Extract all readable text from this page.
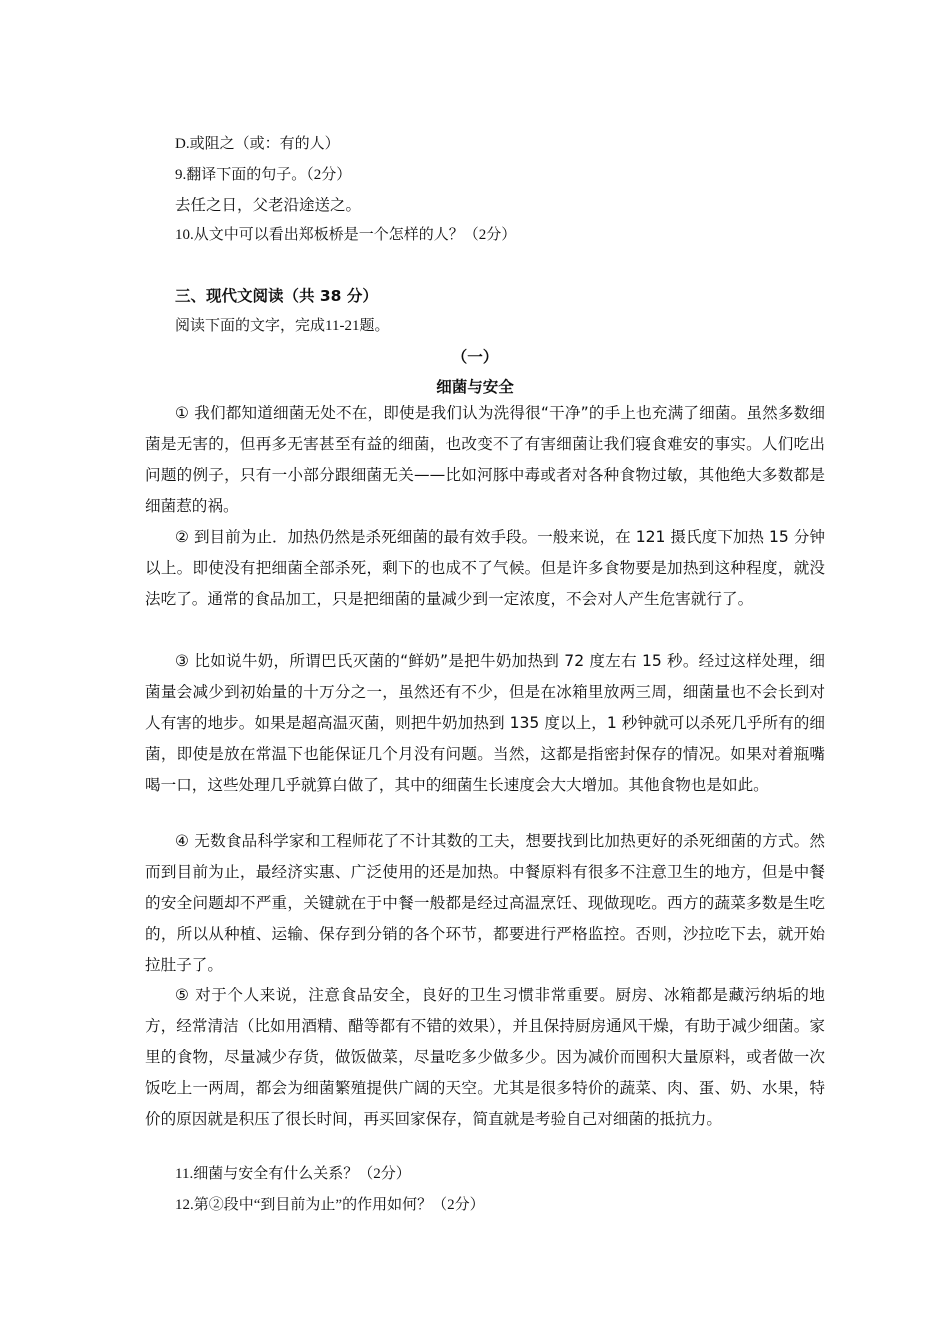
D.或阻之（或：有的人）
9.翻译下面的句子。（2分）
去任之日，父老沿途送之。
10.从文中可以看出郑板桥是一个怎样的人？（2分）
三、现代文阅读（共 38 分）
阅读下面的文字，完成11-21题。
（一）
细菌与安全

① 我们都知道细菌无处不在，即使是我们认为洗得很“干净”的手上也充满了细菌。虽然多数细菌是无害的，但再多无害甚至有益的细菌，也改变不了有害细菌让我们寝食难安的事实。人们吃出问题的例子，只有一小部分跟细菌无关——比如河豚中毒或者对各种食物过敏，其他绝大多数都是细菌惹的祸。

② 到目前为止．加热仍然是杀死细菌的最有效手段。一般来说，在 121 摄氏度下加热 15 分钟以上。即使没有把细菌全部杀死，剩下的也成不了气候。但是许多食物要是加热到这种程度，就没法吃了。通常的食品加工，只是把细菌的量减少到一定浓度，不会对人产生危害就行了。

③ 比如说牛奶，所谓巴氏灭菌的“鲜奶”是把牛奶加热到 72 度左右 15 秒。经过这样处理，细菌量会减少到初始量的十万分之一，虽然还有不少，但是在冰箱里放两三周，细菌量也不会长到对人有害的地步。如果是超高温灭菌，则把牛奶加热到 135 度以上，1 秒钟就可以杀死几乎所有的细菌，即使是放在常温下也能保证几个月没有问题。当然，这都是指密封保存的情况。如果对着瓶嘴喝一口，这些处理几乎就算白做了，其中的细菌生长速度会大大增加。其他食物也是如此。

④ 无数食品科学家和工程师花了不计其数的工夫，想要找到比加热更好的杀死细菌的方式。然而到目前为止，最经济实惠、广泛使用的还是加热。中餐原料有很多不注意卫生的地方，但是中餐的安全问题却不严重，关键就在于中餐一般都是经过高温烹饪、现做现吃。西方的蔬菜多数是生吃的，所以从种植、运输、保存到分销的各个环节，都要进行严格监控。否则，沙拉吃下去，就开始拉肚子了。

⑤ 对于个人来说，注意食品安全，良好的卫生习惯非常重要。厨房、冰箱都是藏污纳垢的地方，经常清洁（比如用酒精、醋等都有不错的效果），并且保持厨房通风干燥，有助于减少细菌。家里的食物，尽量减少存货，做饭做菜，尽量吃多少做多少。因为减价而囤积大量原料，或者做一次饭吃上一两周，都会为细菌繁殖提供广阔的天空。尤其是很多特价的蔬菜、肉、蛋、奶、水果，特价的原因就是积压了很长时间，再买回家保存，简直就是考验自己对细菌的抵抗力。

11.细菌与安全有什么关系？（2分）
12.第②段中“到目前为止”的作用如何？（2分）
